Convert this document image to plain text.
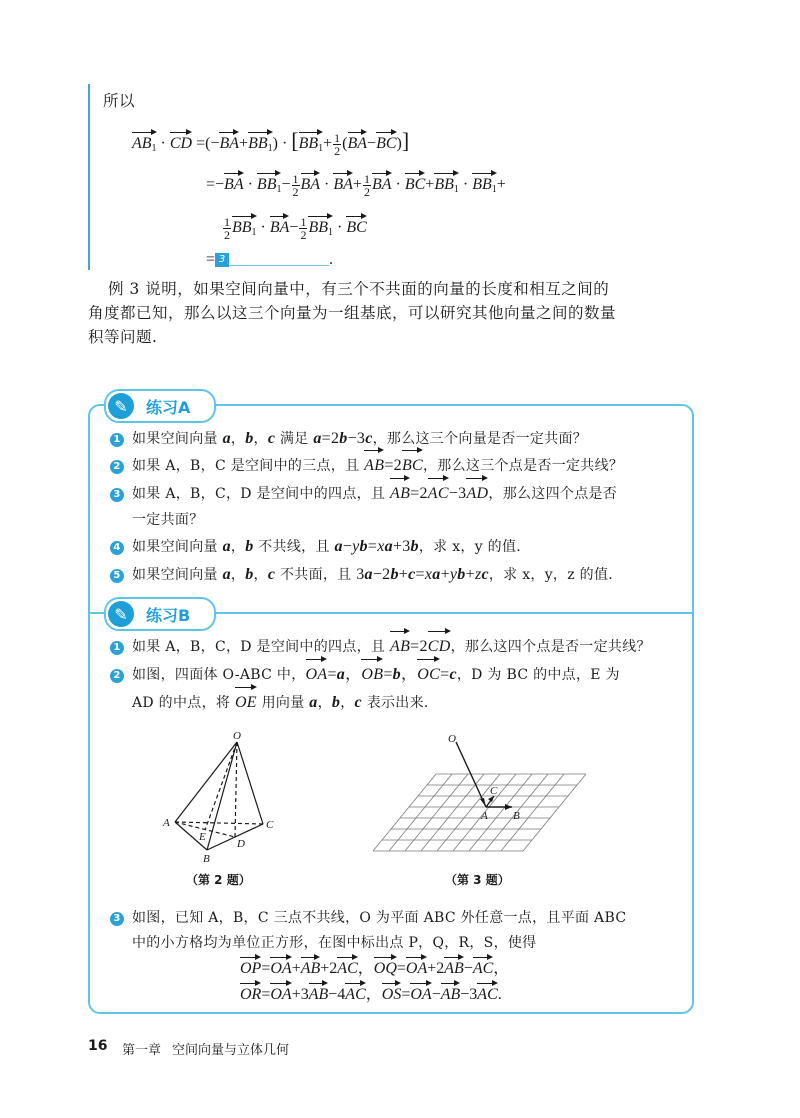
所以
$AB_1$ · CD $=(-BA+BB_1) \cdot [BB_1+ \frac{1}{2} (BA-BC)]$
$=-BA \cdot BB_1- \frac{1}{2}$ BA · $BA+ \frac{1}{2}$ BA · $BC+BB_1 \cdot BB_1+$
$\frac{1}{2} BB_1 \cdot BA- \frac{1}{2} BB_1$ · BC
= 3	.
例 3 说明，如果空间向量中，有三个不共面的向量的长度和相互之间的
角度都已知，那么以这三个向量为一组基底，可以研究其他向量之间的数量
积等问题.
✎	练习A
1 如果空间向量 a，b，c 满足 a=2b−3c，那么这三个向量是否一定共面？
2 如果 A，B，C 是空间中的三点，且 AB=2BC，那么这三个点是否一定共线？
3 如果 A，B，C，D 是空间中的四点，且 AB=2AC−3AD，那么这四个点是否
一定共面？
4 如果空间向量 a，b 不共线，且 a−yb=xa+3b，求 x，y 的值.
5 如果空间向量 a，b，c 不共面，且 3a−2b+c=xa+yb+zc，求 x，y，z 的值.
✎	练习B
1 如果 A，B，C，D 是空间中的四点，且 AB=2CD，那么这四个点是否一定共线？
2 如图，四面体 O-ABC 中，OA=a，OB=b，OC=c，D 为 BC 的中点，E 为
AD 的中点，将 OE 用向量 a，b，c 表示出来.
O
A
B
C
D
E
（第 2 题）
O
A B
C
（第 3 题）
3 如图，已知 A，B，C 三点不共线，O 为平面 ABC 外任意一点，且平面 ABC
中的小方格均为单位正方形，在图中标出点 P，Q，R，S，使得
OP=OA+AB+2AC，OQ=OA+2AB−AC，
OR=OA+3AB−4AC，OS=OA−AB−3AC.
16 第一章 空间向量与立体几何
